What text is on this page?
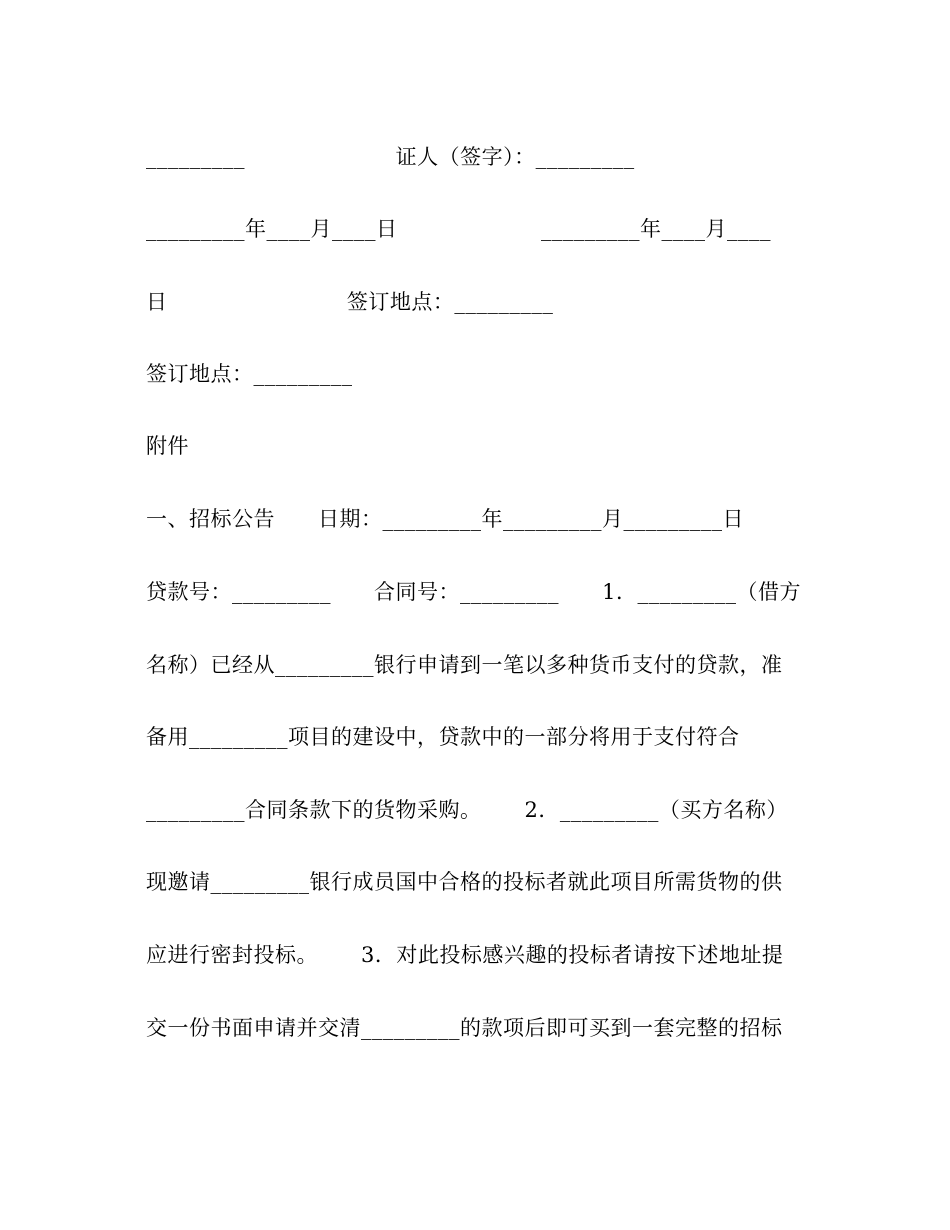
_________                     证人（签字）：_________
_________年____月____日                    _________年____月____
日                         签订地点：_________
签订地点：_________
附件
一、招标公告      日期：_________年_________月_________日
贷款号：_________      合同号：_________      1．_________（借方
名称）已经从_________银行申请到一笔以多种货币支付的贷款，准
备用_________项目的建设中，贷款中的一部分将用于支付符合
_________合同条款下的货物采购。      2．_________（买方名称）
现邀请_________银行成员国中合格的投标者就此项目所需货物的供
应进行密封投标。      3．对此投标感兴趣的投标者请按下述地址提
交一份书面申请并交清_________的款项后即可买到一套完整的招标
